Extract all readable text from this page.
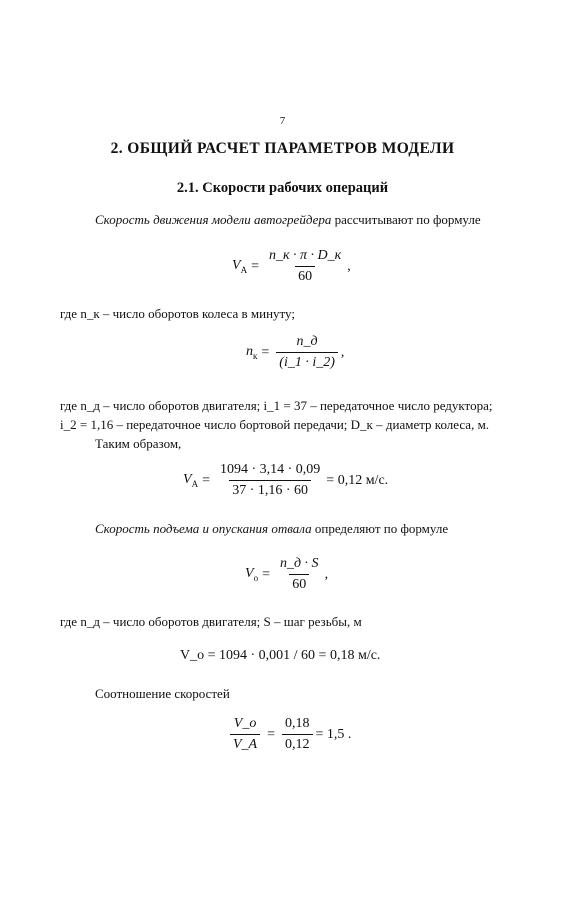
7
2. ОБЩИЙ РАСЧЕТ ПАРАМЕТРОВ МОДЕЛИ
2.1. Скорости рабочих операций
Скорость движения модели автогрейдера рассчитывают по формуле
$V_А = \frac{n\_к \cdot \pi \cdot D\_к}{60}$ ,
где n_к – число оборотов колеса в минуту;
$n_к = \frac{n\_д}{(i\_1 \cdot i\_2)}$ ,
где n_д – число оборотов двигателя; i_1 = 37 – передаточное число редуктора;
i_2 = 1,16 – передаточное число бортовой передачи; D_к – диаметр колеса, м.
Таким образом,
$V_А = \frac{1094 \cdot 3,14 \cdot 0,09}{37 \cdot 1,16 \cdot 60} = 0,12$ м/с.
Скорость подъема и опускания отвала определяют по формуле
$V_о = \frac{n\_д \cdot S}{60}$ ,
где n_д – число оборотов двигателя; S – шаг резьбы, м
V_о = 1094 · 0,001 / 60 = 0,18 м/с.
Соотношение скоростей
$\frac{V\_о}{V\_А} = \frac{0,18}{0,12} = 1,5$ .
